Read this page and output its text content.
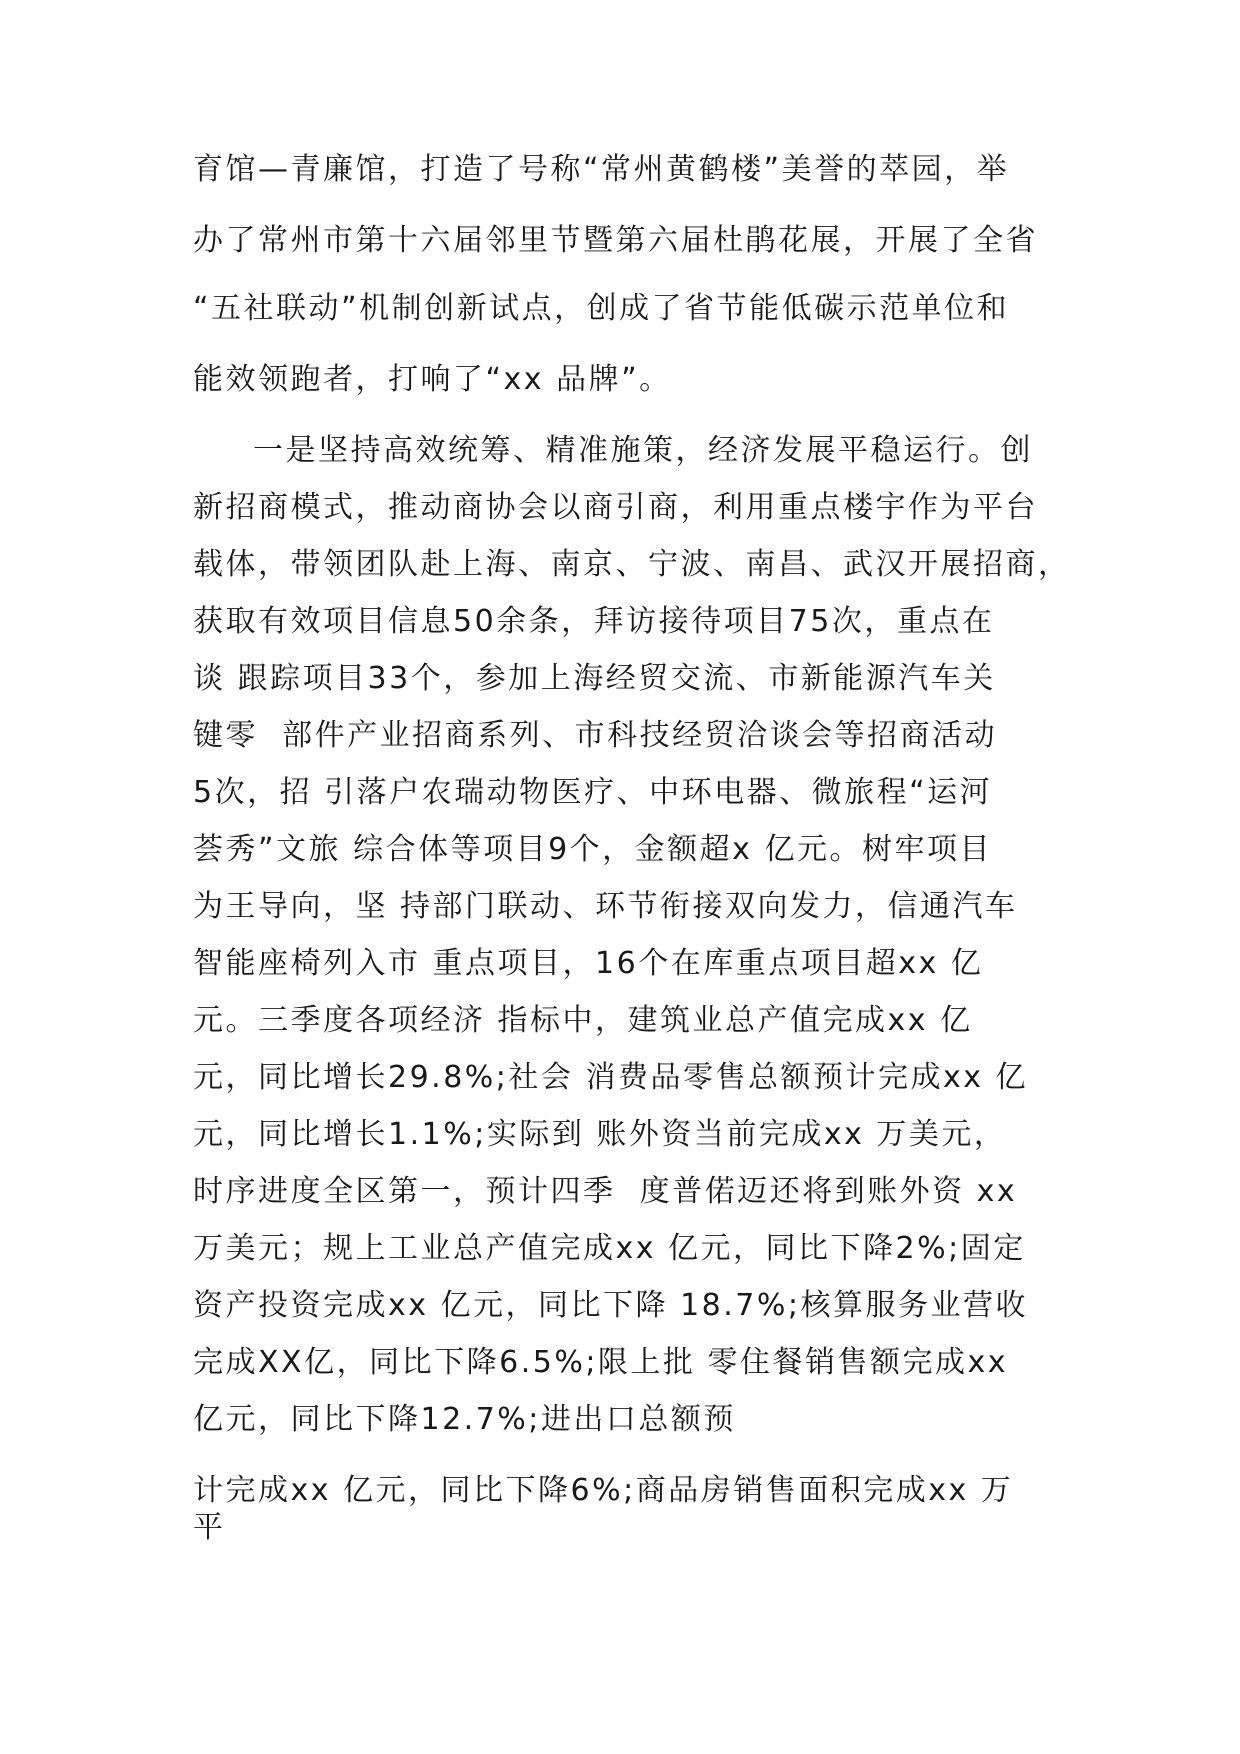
育馆—青廉馆，打造了号称“常州黄鹤楼”美誉的萃园，举
办了常州市第十六届邻里节暨第六届杜鹃花展，开展了全省
“五社联动”机制创新试点，创成了省节能低碳示范单位和
能效领跑者，打响了“xx 品牌”。
一是坚持高效统筹、精准施策，经济发展平稳运行。创
新招商模式，推动商协会以商引商，利用重点楼宇作为平台
载体，带领团队赴上海、南京、宁波、南昌、武汉开展招商，
获取有效项目信息50余条，拜访接待项目75次，重点在
谈 跟踪项目33个，参加上海经贸交流、市新能源汽车关
键零  部件产业招商系列、市科技经贸洽谈会等招商活动
5次，招 引落户农瑞动物医疗、中环电器、微旅程“运河
荟秀”文旅 综合体等项目9个，金额超x 亿元。树牢项目
为王导向，坚 持部门联动、环节衔接双向发力，信通汽车
智能座椅列入市 重点项目，16个在库重点项目超xx 亿
元。三季度各项经济 指标中，建筑业总产值完成xx 亿
元，同比增长29.8%;社会 消费品零售总额预计完成xx 亿
元，同比增长1.1%;实际到 账外资当前完成xx 万美元，
时序进度全区第一，预计四季  度普偌迈还将到账外资 xx
万美元；规上工业总产值完成xx 亿元，同比下降2%;固定
资产投资完成xx 亿元，同比下降 18.7%;核算服务业营收
完成XX亿，同比下降6.5%;限上批 零住餐销售额完成xx
亿元，同比下降12.7%;进出口总额预
计完成xx 亿元，同比下降6%;商品房销售面积完成xx 万
平
